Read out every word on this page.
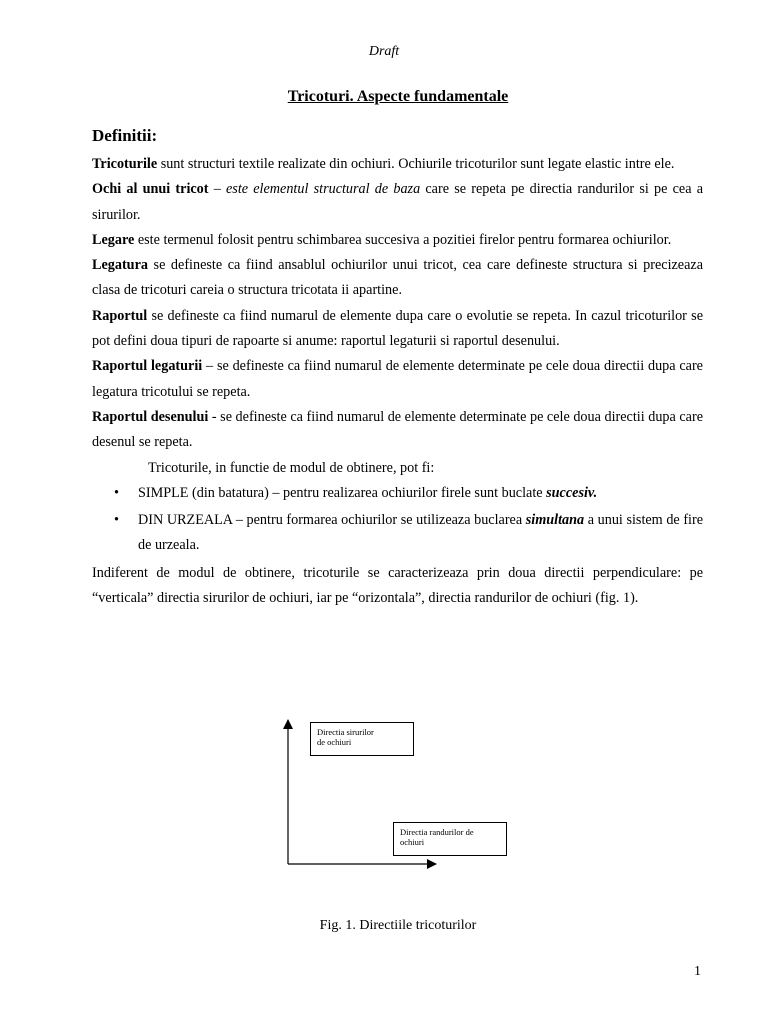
Draft
Tricoturi. Aspecte fundamentale
Definitii:

Tricoturile sunt structuri textile realizate din ochiuri. Ochiurile tricoturilor sunt legate elastic intre ele.

Ochi al unui tricot – este elementul structural de baza care se repeta pe directia randurilor si pe cea a sirurilor.

Legare este termenul folosit pentru schimbarea succesiva a pozitiei firelor pentru formarea ochiurilor.

Legatura se defineste ca fiind ansablul ochiurilor unui tricot, cea care defineste structura si precizeaza clasa de tricoturi careia o structura tricotata ii apartine.

Raportul se defineste ca fiind numarul de elemente dupa care o evolutie se repeta. In cazul tricoturilor se pot defini doua tipuri de rapoarte si anume: raportul legaturii si raportul desenului.

Raportul legaturii – se defineste ca fiind numarul de elemente determinate pe cele doua directii dupa care legatura tricotului se repeta.

Raportul desenului - se defineste ca fiind numarul de elemente determinate pe cele doua directii dupa care desenul se repeta.

Tricoturile, in functie de modul de obtinere, pot fi:

• SIMPLE (din batatura) – pentru realizarea ochiurilor firele sunt buclate succesiv.
• DIN URZEALA – pentru formarea ochiurilor se utilizeaza buclarea simultana a unui sistem de fire de urzeala.

Indiferent de modul de obtinere, tricoturile se caracterizeaza prin doua directii perpendiculare: pe “verticala” directia sirurilor de ochiuri, iar pe “orizontala”, directia randurilor de ochiuri (fig. 1).

Directia sirurilor
de ochiuri
Directia randurilor de
ochiuri
Fig. 1. Directiile tricoturilor
1
